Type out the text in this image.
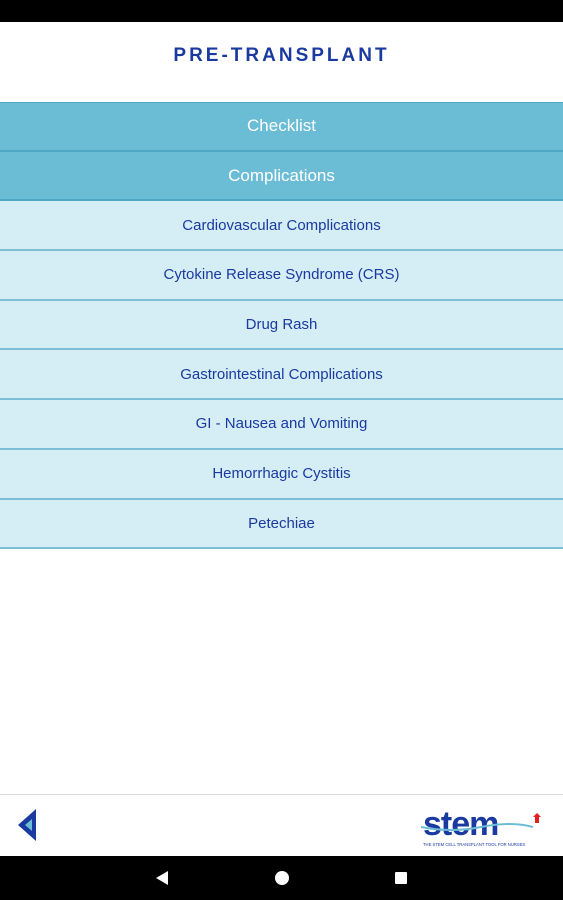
PRE-TRANSPLANT
Checklist
Complications
Cardiovascular Complications
Cytokine Release Syndrome (CRS)
Drug Rash
Gastrointestinal Complications
GI - Nausea and Vomiting
Hemorrhagic Cystitis
Petechiae
stem
THE STEM CELL TRANSPLANT TOOL FOR NURSES
